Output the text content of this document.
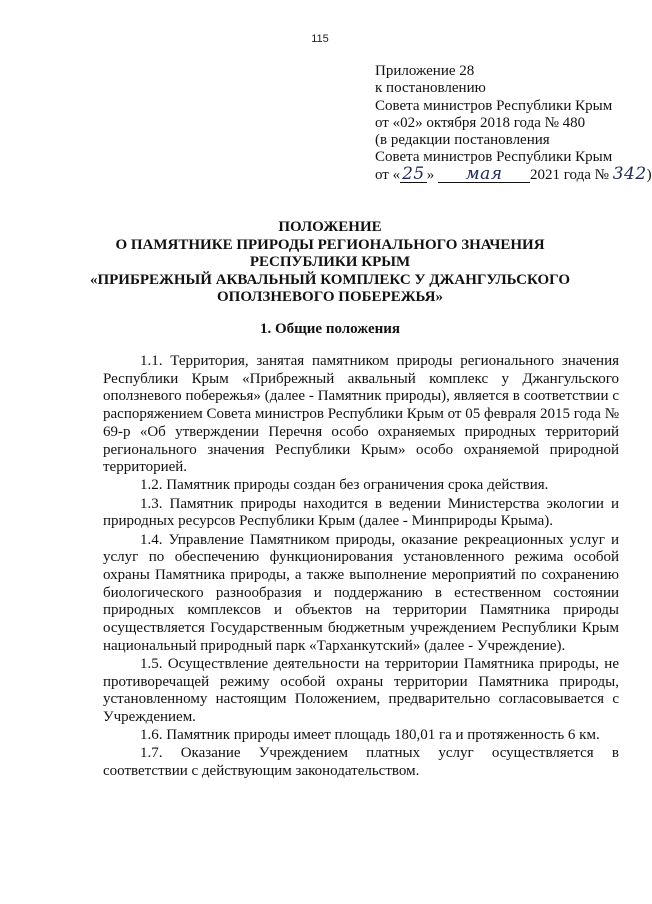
115
Приложение 28
к постановлению
Совета министров Республики Крым
от «02» октября 2018 года № 480
(в редакции постановления
Совета министров Республики Крым
от « 25 » мая 2021 года № 342)
ПОЛОЖЕНИЕ
О ПАМЯТНИКЕ ПРИРОДЫ РЕГИОНАЛЬНОГО ЗНАЧЕНИЯ
РЕСПУБЛИКИ КРЫМ
«ПРИБРЕЖНЫЙ АКВАЛЬНЫЙ КОМПЛЕКС У ДЖАНГУЛЬСКОГО
ОПОЛЗНЕВОГО ПОБЕРЕЖЬЯ»
1. Общие положения

1.1. Территория, занятая памятником природы регионального значения Республики Крым «Прибрежный аквальный комплекс у Джангульского оползневого побережья» (далее - Памятник природы), является в соответствии с распоряжением Совета министров Республики Крым от 05 февраля 2015 года № 69-р «Об утверждении Перечня особо охраняемых природных территорий регионального значения Республики Крым» особо охраняемой природной территорией.

1.2. Памятник природы создан без ограничения срока действия.

1.3. Памятник природы находится в ведении Министерства экологии и природных ресурсов Республики Крым (далее - Минприроды Крыма).

1.4. Управление Памятником природы, оказание рекреационных услуг и услуг по обеспечению функционирования установленного режима особой охраны Памятника природы, а также выполнение мероприятий по сохранению биологического разнообразия и поддержанию в естественном состоянии природных комплексов и объектов на территории Памятника природы осуществляется Государственным бюджетным учреждением Республики Крым национальный природный парк «Тарханкутский» (далее - Учреждение).

1.5. Осуществление деятельности на территории Памятника природы, не противоречащей режиму особой охраны территории Памятника природы, установленному настоящим Положением, предварительно согласовывается с Учреждением.

1.6. Памятник природы имеет площадь 180,01 га и протяженность 6 км.

1.7. Оказание Учреждением платных услуг осуществляется в соответствии с действующим законодательством.
